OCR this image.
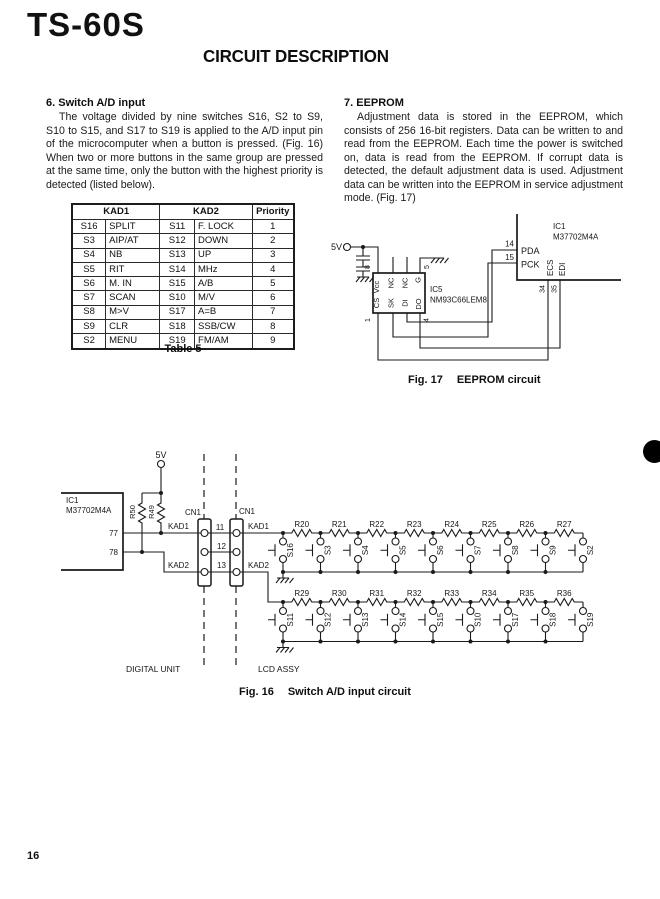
TS-60S
CIRCUIT DESCRIPTION
6. Switch A/D input

The voltage divided by nine switches S16, S2 to S9, S10 to S15, and S17 to S19 is applied to the A/D input pin of the microcomputer when a button is pressed. (Fig. 16) When two or more buttons in the same group are pressed at the same time, only the button with the highest priority is detected (listed below).

7. EEPROM

Adjustment data is stored in the EEPROM, which consists of 256 16-bit registers. Data can be written to and read from the EEPROM. Each time the power is switched on, data is read from the EEPROM. If corrupt data is detected, the default adjustment data is used. Adjustment data can be written into the EEPROM in service adjustment mode. (Fig. 17)

KAD1		KAD2		Priority
S16	SPLIT	S11	F. LOCK	1
S3	AIP/AT	S12	DOWN	2
S4	NB	S13	UP	3
S5	RIT	S14	MHz	4
S6	M. IN	S15	A/B	5
S7	SCAN	S10	M/V	6
S8	M>V	S17	A=B	7
S9	CLR	S18	SSB/CW	8
S2	MENU	S19	FM/AM	9
Table 5
5V
Vcc NC NC G
CS SK DI DO
8	5
1	4
IC5
NM93C66LEM8
14
PDA
15
PCK ECS EDI
34 35
IC1
M37702M4A
Fig. 17 EEPROM circuit
5V
R50 R49
IC1
M37702M4A
77
78
CN1	CN1
11
12
13
KAD1
KAD2
KAD1
KAD2
DIGITAL UNIT	LCD ASSY
R20	R21	R22	R23	R24	R25	R26	R27
S16	S3	S4	S5	S6	S7	S8	S9	S2
R29	R30	R31	R32	R33	R34	R35	R36
S11	S12	S13	S14	S15	S10	S17	S18	S19
Fig. 16 Switch A/D input circuit
16
